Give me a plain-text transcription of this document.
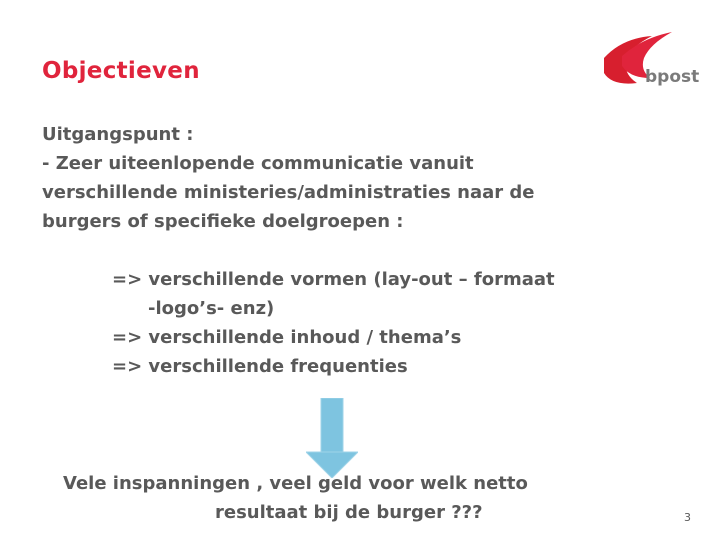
Objectieven	bpost
Uitgangspunt :
- Zeer uiteenlopende communicatie vanuit
verschillende ministeries/administraties naar de
burgers of specifieke doelgroepen :
=> verschillende vormen (lay-out – formaat
-logo’s- enz)
=> verschillende inhoud / thema’s
=> verschillende frequenties
Vele inspanningen , veel geld voor welk netto
resultaat bij de burger ???	3
